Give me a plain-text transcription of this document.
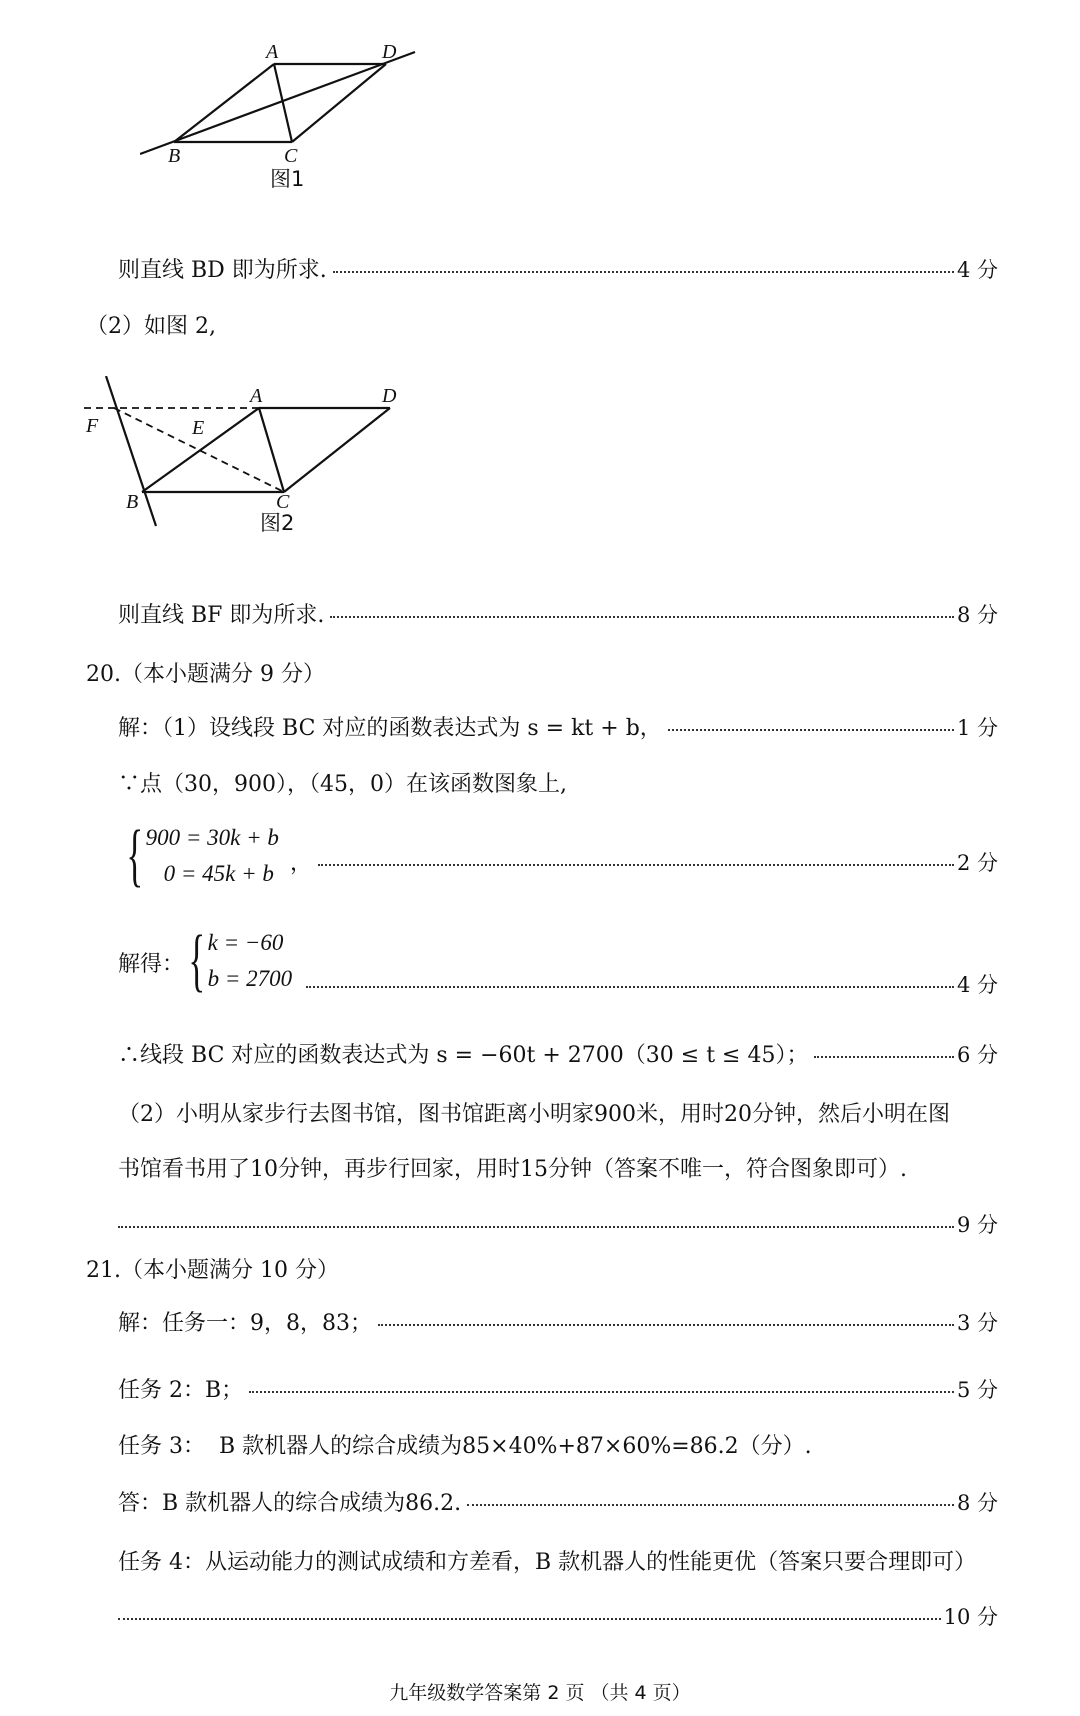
A	D
B	C
图1
则直线 BD 即为所求.	4 分
（2）如图 2,
A	D
F	E
B	C
图2
则直线 BF 即为所求.	8 分
20.（本小题满分 9 分）
解：（1）设线段 BC 对应的函数表达式为 s = kt + b，	1 分
∵点（30，900），（45，0）在该函数图象上,
{ 900 = 30k + b
0 = 45k + b ，	2 分
解得： { k = −60
b = 2700	4 分
∴线段 BC 对应的函数表达式为 s = −60t + 2700（30 ≤ t ≤ 45）；	6 分
（2）小明从家步行去图书馆，图书馆距离小明家900米，用时20分钟，然后小明在图
书馆看书用了10分钟，再步行回家，用时15分钟（答案不唯一，符合图象即可）.
9 分
21.（本小题满分 10 分）
解：任务一：9，8，83；	3 分
任务 2：B；	5 分
任务 3：  B 款机器人的综合成绩为85×40%+87×60%=86.2（分）.
答：B 款机器人的综合成绩为86.2.	8 分
任务 4：从运动能力的测试成绩和方差看，B 款机器人的性能更优（答案只要合理即可）
10 分
九年级数学答案第 2 页 （共 4 页）
